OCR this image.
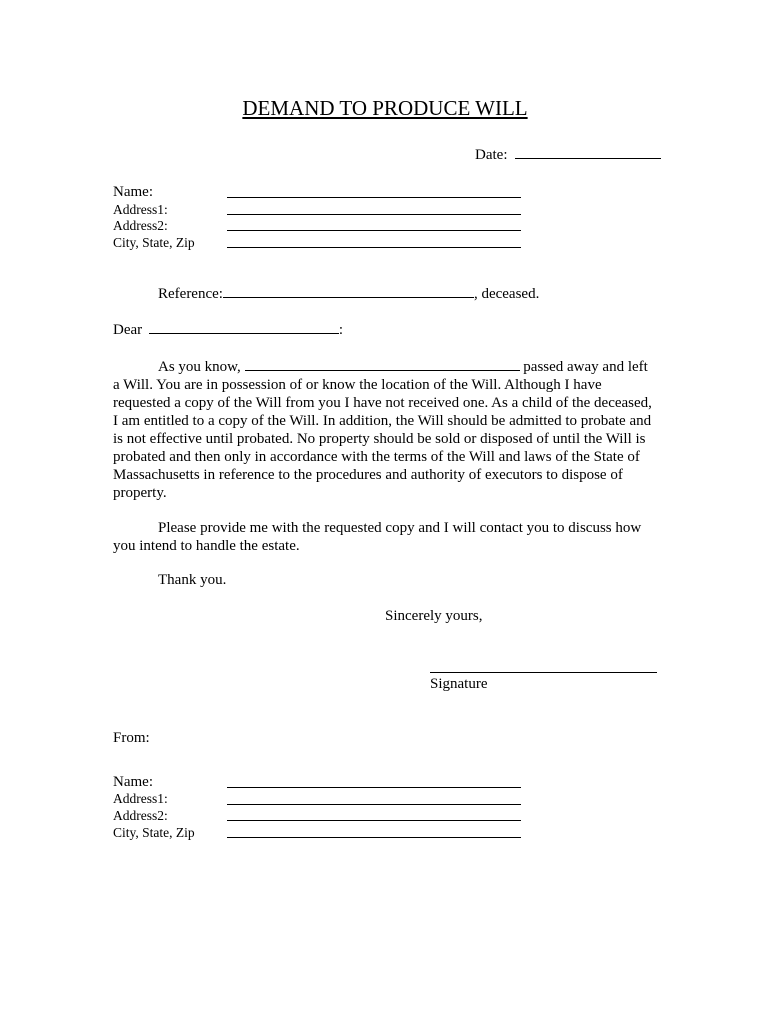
DEMAND TO PRODUCE WILL
Date:
Name:
Address1:
Address2:
City, State, Zip
Reference:	, deceased.
Dear	:
As you know,	passed away and left a Will. You are in possession of or know the location of the Will. Although I have requested a copy of the Will from you I have not received one. As a child of the deceased, I am entitled to a copy of the Will. In addition, the Will should be admitted to probate and is not effective until probated. No property should be sold or disposed of until the Will is probated and then only in accordance with the terms of the Will and laws of the State of Massachusetts in reference to the procedures and authority of executors to dispose of property.
Please provide me with the requested copy and I will contact you to discuss how you intend to handle the estate.
Thank you.
Sincerely yours,
Signature
From:
Name:
Address1:
Address2:
City, State, Zip
